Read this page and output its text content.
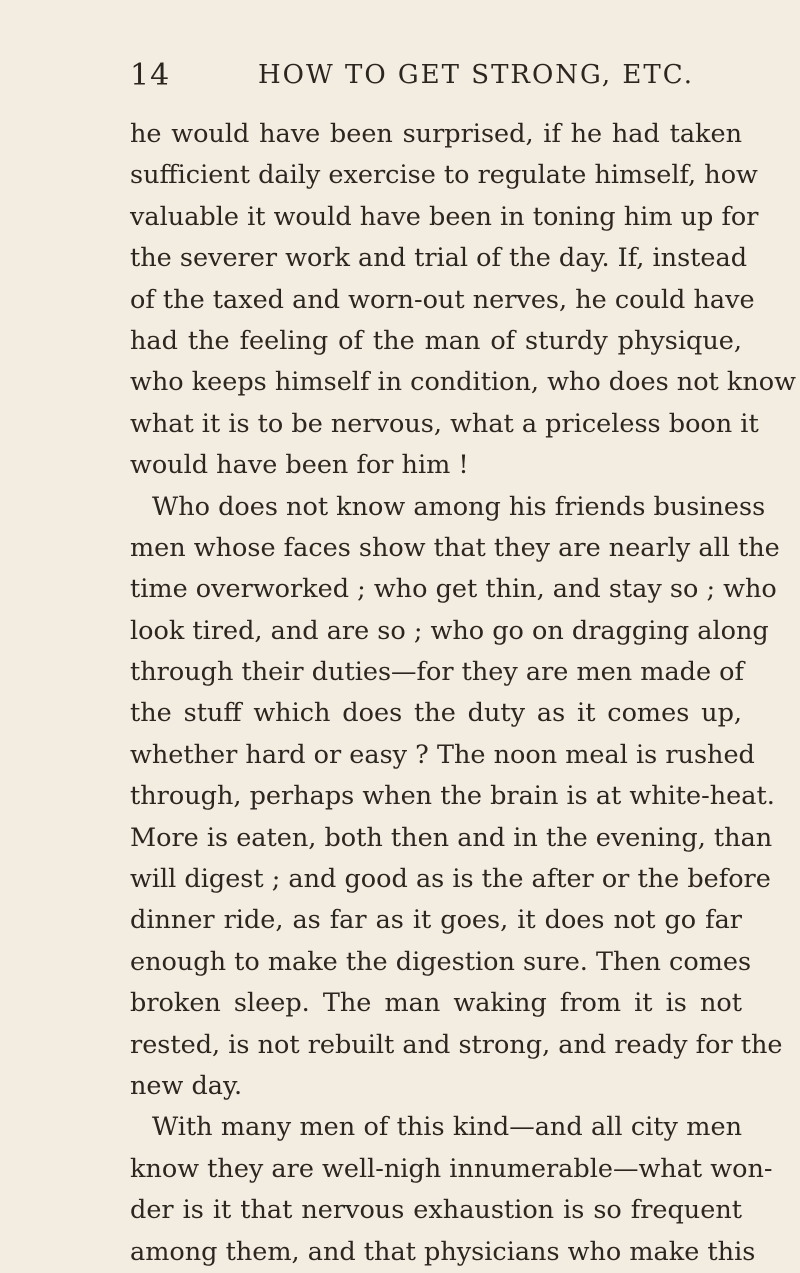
14	HOW TO GET STRONG, ETC.
he would have been surprised, if he had taken
sufficient daily exercise to regulate himself, how
valuable it would have been in toning him up for
the severer work and trial of the day. If, instead
of the taxed and worn-out nerves, he could have
had the feeling of the man of sturdy physique,
who keeps himself in condition, who does not know
what it is to be nervous, what a priceless boon it
would have been for him !
Who does not know among his friends business
men whose faces show that they are nearly all the
time overworked ; who get thin, and stay so ; who
look tired, and are so ; who go on dragging along
through their duties—for they are men made of
the stuff which does the duty as it comes up,
whether hard or easy ? The noon meal is rushed
through, perhaps when the brain is at white-heat.
More is eaten, both then and in the evening, than
will digest ; and good as is the after or the before
dinner ride, as far as it goes, it does not go far
enough to make the digestion sure. Then comes
broken sleep. The man waking from it is not
rested, is not rebuilt and strong, and ready for the
new day.
With many men of this kind—and all city men
know they are well-nigh innumerable—what won-
der is it that nervous exhaustion is so frequent
among them, and that physicians who make this
